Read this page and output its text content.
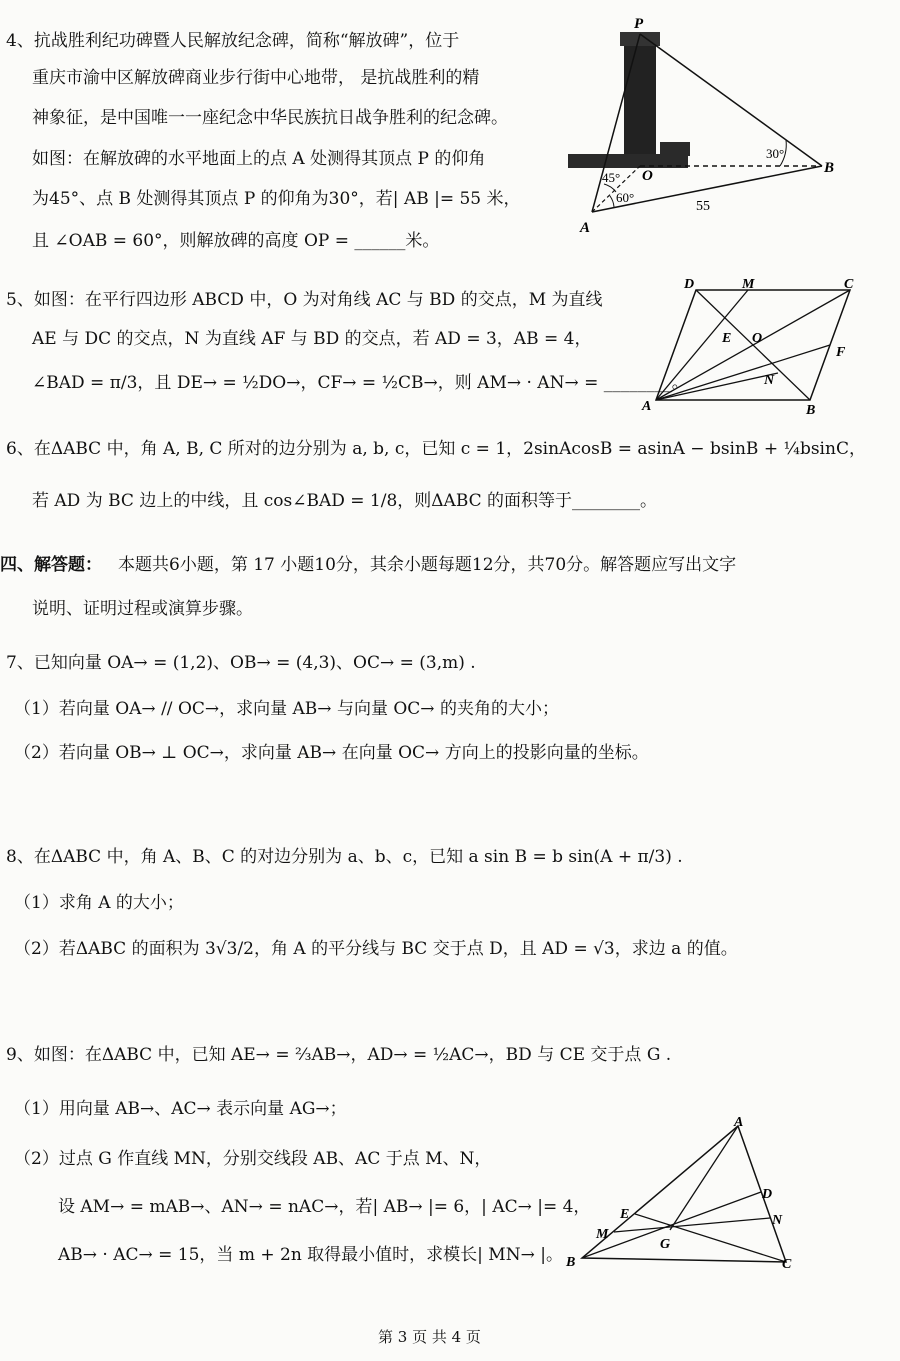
4、抗战胜利纪功碑暨人民解放纪念碑，简称“解放碑”，位于
重庆市渝中区解放碑商业步行街中心地带， 是抗战胜利的精
神象征，是中国唯一一座纪念中华民族抗日战争胜利的纪念碑。
如图：在解放碑的水平地面上的点 A 处测得其顶点 P 的仰角
为45°、点 B 处测得其顶点 P 的仰角为30°，若| AB |= 55 米，
且 ∠OAB = 60°，则解放碑的高度 OP = ______米。
P
O	B
A
45°
60°
30°
55
5、如图：在平行四边形 ABCD 中，O 为对角线 AC 与 BD 的交点，M 为直线
AE 与 DC 的交点，N 为直线 AF 与 BD 的交点，若 AD = 3，AB = 4，
∠BAD = π/3，且 DE→ = ½DO→，CF→ = ½CB→，则 AM→ · AN→ = ________。
A	B
C
D	M
E O
F
N
6、在ΔABC 中，角 A, B, C 所对的边分别为 a, b, c，已知 c = 1，2sinAcosB = asinA − bsinB + ¼bsinC，
若 AD 为 BC 边上的中线，且 cos∠BAD = 1/8，则ΔABC 的面积等于________。
四、解答题： 本题共6小题，第 17 小题10分，其余小题每题12分，共70分。解答题应写出文字
说明、证明过程或演算步骤。
7、已知向量 OA→ = (1,2)、OB→ = (4,3)、OC→ = (3,m) .
（1）若向量 OA→ // OC→，求向量 AB→ 与向量 OC→ 的夹角的大小；
（2）若向量 OB→ ⊥ OC→，求向量 AB→ 在向量 OC→ 方向上的投影向量的坐标。
8、在ΔABC 中，角 A、B、C 的对边分别为 a、b、c，已知 a sin B = b sin(A + π/3) .
（1）求角 A 的大小；
（2）若ΔABC 的面积为 3√3/2，角 A 的平分线与 BC 交于点 D，且 AD = √3，求边 a 的值。
9、如图：在ΔABC 中，已知 AE→ = ⅔AB→，AD→ = ½AC→，BD 与 CE 交于点 G .
（1）用向量 AB→、AC→ 表示向量 AG→；
（2）过点 G 作直线 MN，分别交线段 AB、AC 于点 M、N，
设 AM→ = mAB→、AN→ = nAC→，若| AB→ |= 6，| AC→ |= 4，
AB→ · AC→ = 15，当 m + 2n 取得最小值时，求模长| MN→ |。
A
B	C
D
E
G
M
N
第 3 页 共 4 页
